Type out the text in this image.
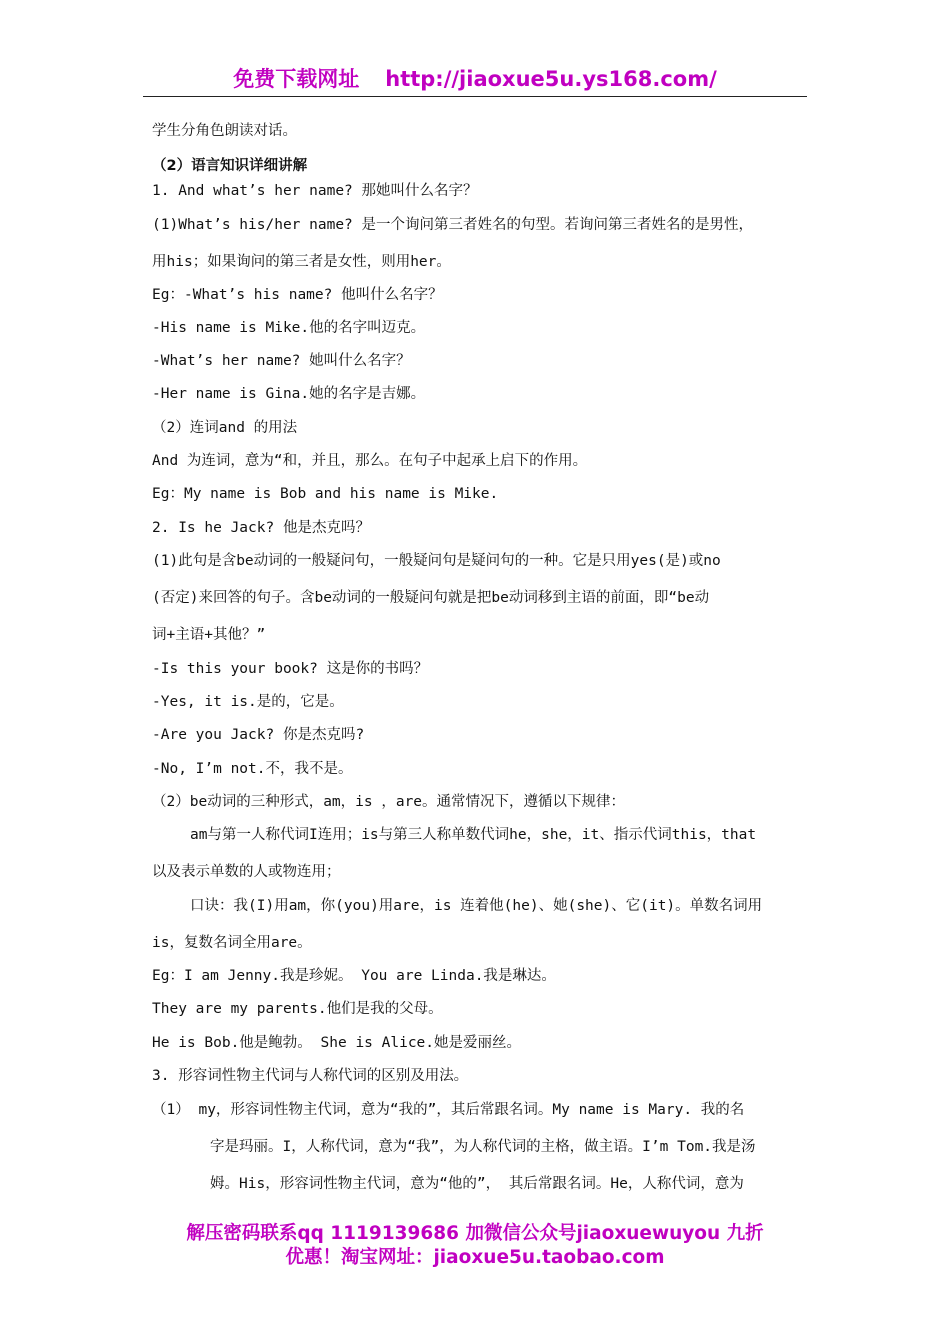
免费下载网址 http://jiaoxue5u.ys168.com/
学生分角色朗读对话。
（2）语言知识详细讲解
1. And what’s her name? 那她叫什么名字？
(1)What’s his/her name? 是一个询问第三者姓名的句型。若询问第三者姓名的是男性，
用his；如果询问的第三者是女性，则用her。
Eg：-What’s his name? 他叫什么名字？
-His name is Mike.他的名字叫迈克。
-What’s her name? 她叫什么名字？
-Her name is Gina.她的名字是吉娜。
（2）连词and 的用法
And 为连词，意为“和，并且，那么。在句子中起承上启下的作用。
Eg：My name is Bob and his name is Mike.
2. Is he Jack? 他是杰克吗？
(1)此句是含be动词的一般疑问句，一般疑问句是疑问句的一种。它是只用yes(是)或no
(否定)来回答的句子。含be动词的一般疑问句就是把be动词移到主语的前面，即“be动
词+主语+其他？”
-Is this your book? 这是你的书吗？
-Yes, it is.是的，它是。
-Are you Jack? 你是杰克吗?
-No, I’m not.不，我不是。
（2）be动词的三种形式，am，is ，are。通常情况下，遵循以下规律：
am与第一人称代词I连用；is与第三人称单数代词he，she，it、指示代词this，that
以及表示单数的人或物连用；
口诀：我(I)用am，你(you)用are，is 连着他(he)、她(she)、它(it)。单数名词用
is，复数名词全用are。
Eg：I am Jenny.我是珍妮。 You are Linda.我是琳达。
They are my parents.他们是我的父母。
He is Bob.他是鲍勃。 She is Alice.她是爱丽丝。
3. 形容词性物主代词与人称代词的区别及用法。
（1） my，形容词性物主代词，意为“我的”，其后常跟名词。My name is Mary. 我的名
字是玛丽。I，人称代词，意为“我”，为人称代词的主格，做主语。I’m Tom.我是汤
姆。His，形容词性物主代词，意为“他的”， 其后常跟名词。He，人称代词，意为
解压密码联系qq 1119139686 加微信公众号jiaoxuewuyou 九折
优惠！淘宝网址：jiaoxue5u.taobao.com
